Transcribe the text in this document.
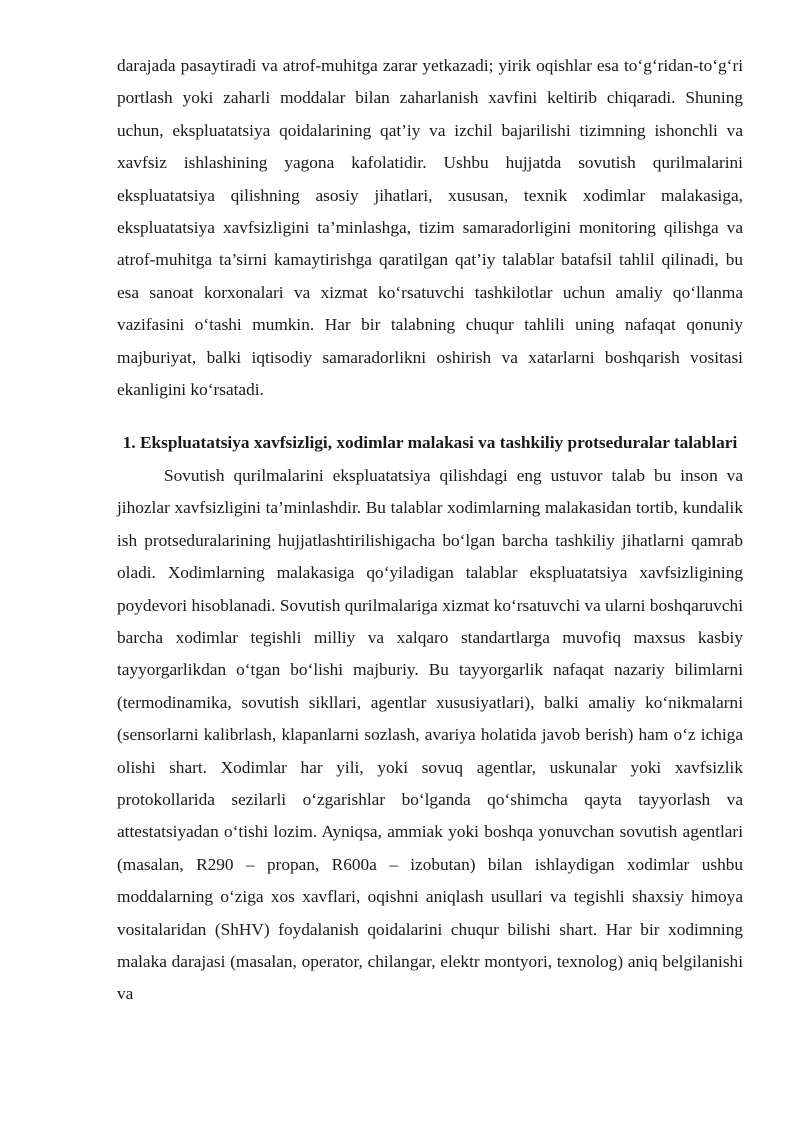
darajada pasaytiradi va atrof-muhitga zarar yetkazadi; yirik oqishlar esa to‘g‘ridan-to‘g‘ri portlash yoki zaharli moddalar bilan zaharlanish xavfini keltirib chiqaradi. Shuning uchun, ekspluatatsiya qoidalarining qat’iy va izchil bajarilishi tizimning ishonchli va xavfsiz ishlashining yagona kafolatidir. Ushbu hujjatda sovutish qurilmalarini ekspluatatsiya qilishning asosiy jihatlari, xususan, texnik xodimlar malakasiga, ekspluatatsiya xavfsizligini ta’minlashga, tizim samaradorligini monitoring qilishga va atrof-muhitga ta’sirni kamaytirishga qaratilgan qat’iy talablar batafsil tahlil qilinadi, bu esa sanoat korxonalari va xizmat ko‘rsatuvchi tashkilotlar uchun amaliy qo‘llanma vazifasini o‘tashi mumkin. Har bir talabning chuqur tahlili uning nafaqat qonuniy majburiyat, balki iqtisodiy samaradorlikni oshirish va xatarlarni boshqarish vositasi ekanligini ko‘rsatadi.

1. Ekspluatatsiya xavfsizligi, xodimlar malakasi va tashkiliy protseduralar talablari

Sovutish qurilmalarini ekspluatatsiya qilishdagi eng ustuvor talab bu inson va jihozlar xavfsizligini ta’minlashdir. Bu talablar xodimlarning malakasidan tortib, kundalik ish protseduralarining hujjatlashtirilishigacha bo‘lgan barcha tashkiliy jihatlarni qamrab oladi. Xodimlarning malakasiga qo‘yiladigan talablar ekspluatatsiya xavfsizligining poydevori hisoblanadi. Sovutish qurilmalariga xizmat ko‘rsatuvchi va ularni boshqaruvchi barcha xodimlar tegishli milliy va xalqaro standartlarga muvofiq maxsus kasbiy tayyorgarlikdan o‘tgan bo‘lishi majburiy. Bu tayyorgarlik nafaqat nazariy bilimlarni (termodinamika, sovutish sikllari, agentlar xususiyatlari), balki amaliy ko‘nikmalarni (sensorlarni kalibrlash, klapanlarni sozlash, avariya holatida javob berish) ham o‘z ichiga olishi shart. Xodimlar har yili, yoki sovuq agentlar, uskunalar yoki xavfsizlik protokollarida sezilarli o‘zgarishlar bo‘lganda qo‘shimcha qayta tayyorlash va attestatsiyadan o‘tishi lozim. Ayniqsa, ammiak yoki boshqa yonuvchan sovutish agentlari (masalan, R290 – propan, R600a – izobutan) bilan ishlaydigan xodimlar ushbu moddalarning o‘ziga xos xavflari, oqishni aniqlash usullari va tegishli shaxsiy himoya vositalaridan (ShHV) foydalanish qoidalarini chuqur bilishi shart. Har bir xodimning malaka darajasi (masalan, operator, chilangar, elektr montyori, texnolog) aniq belgilanishi va
